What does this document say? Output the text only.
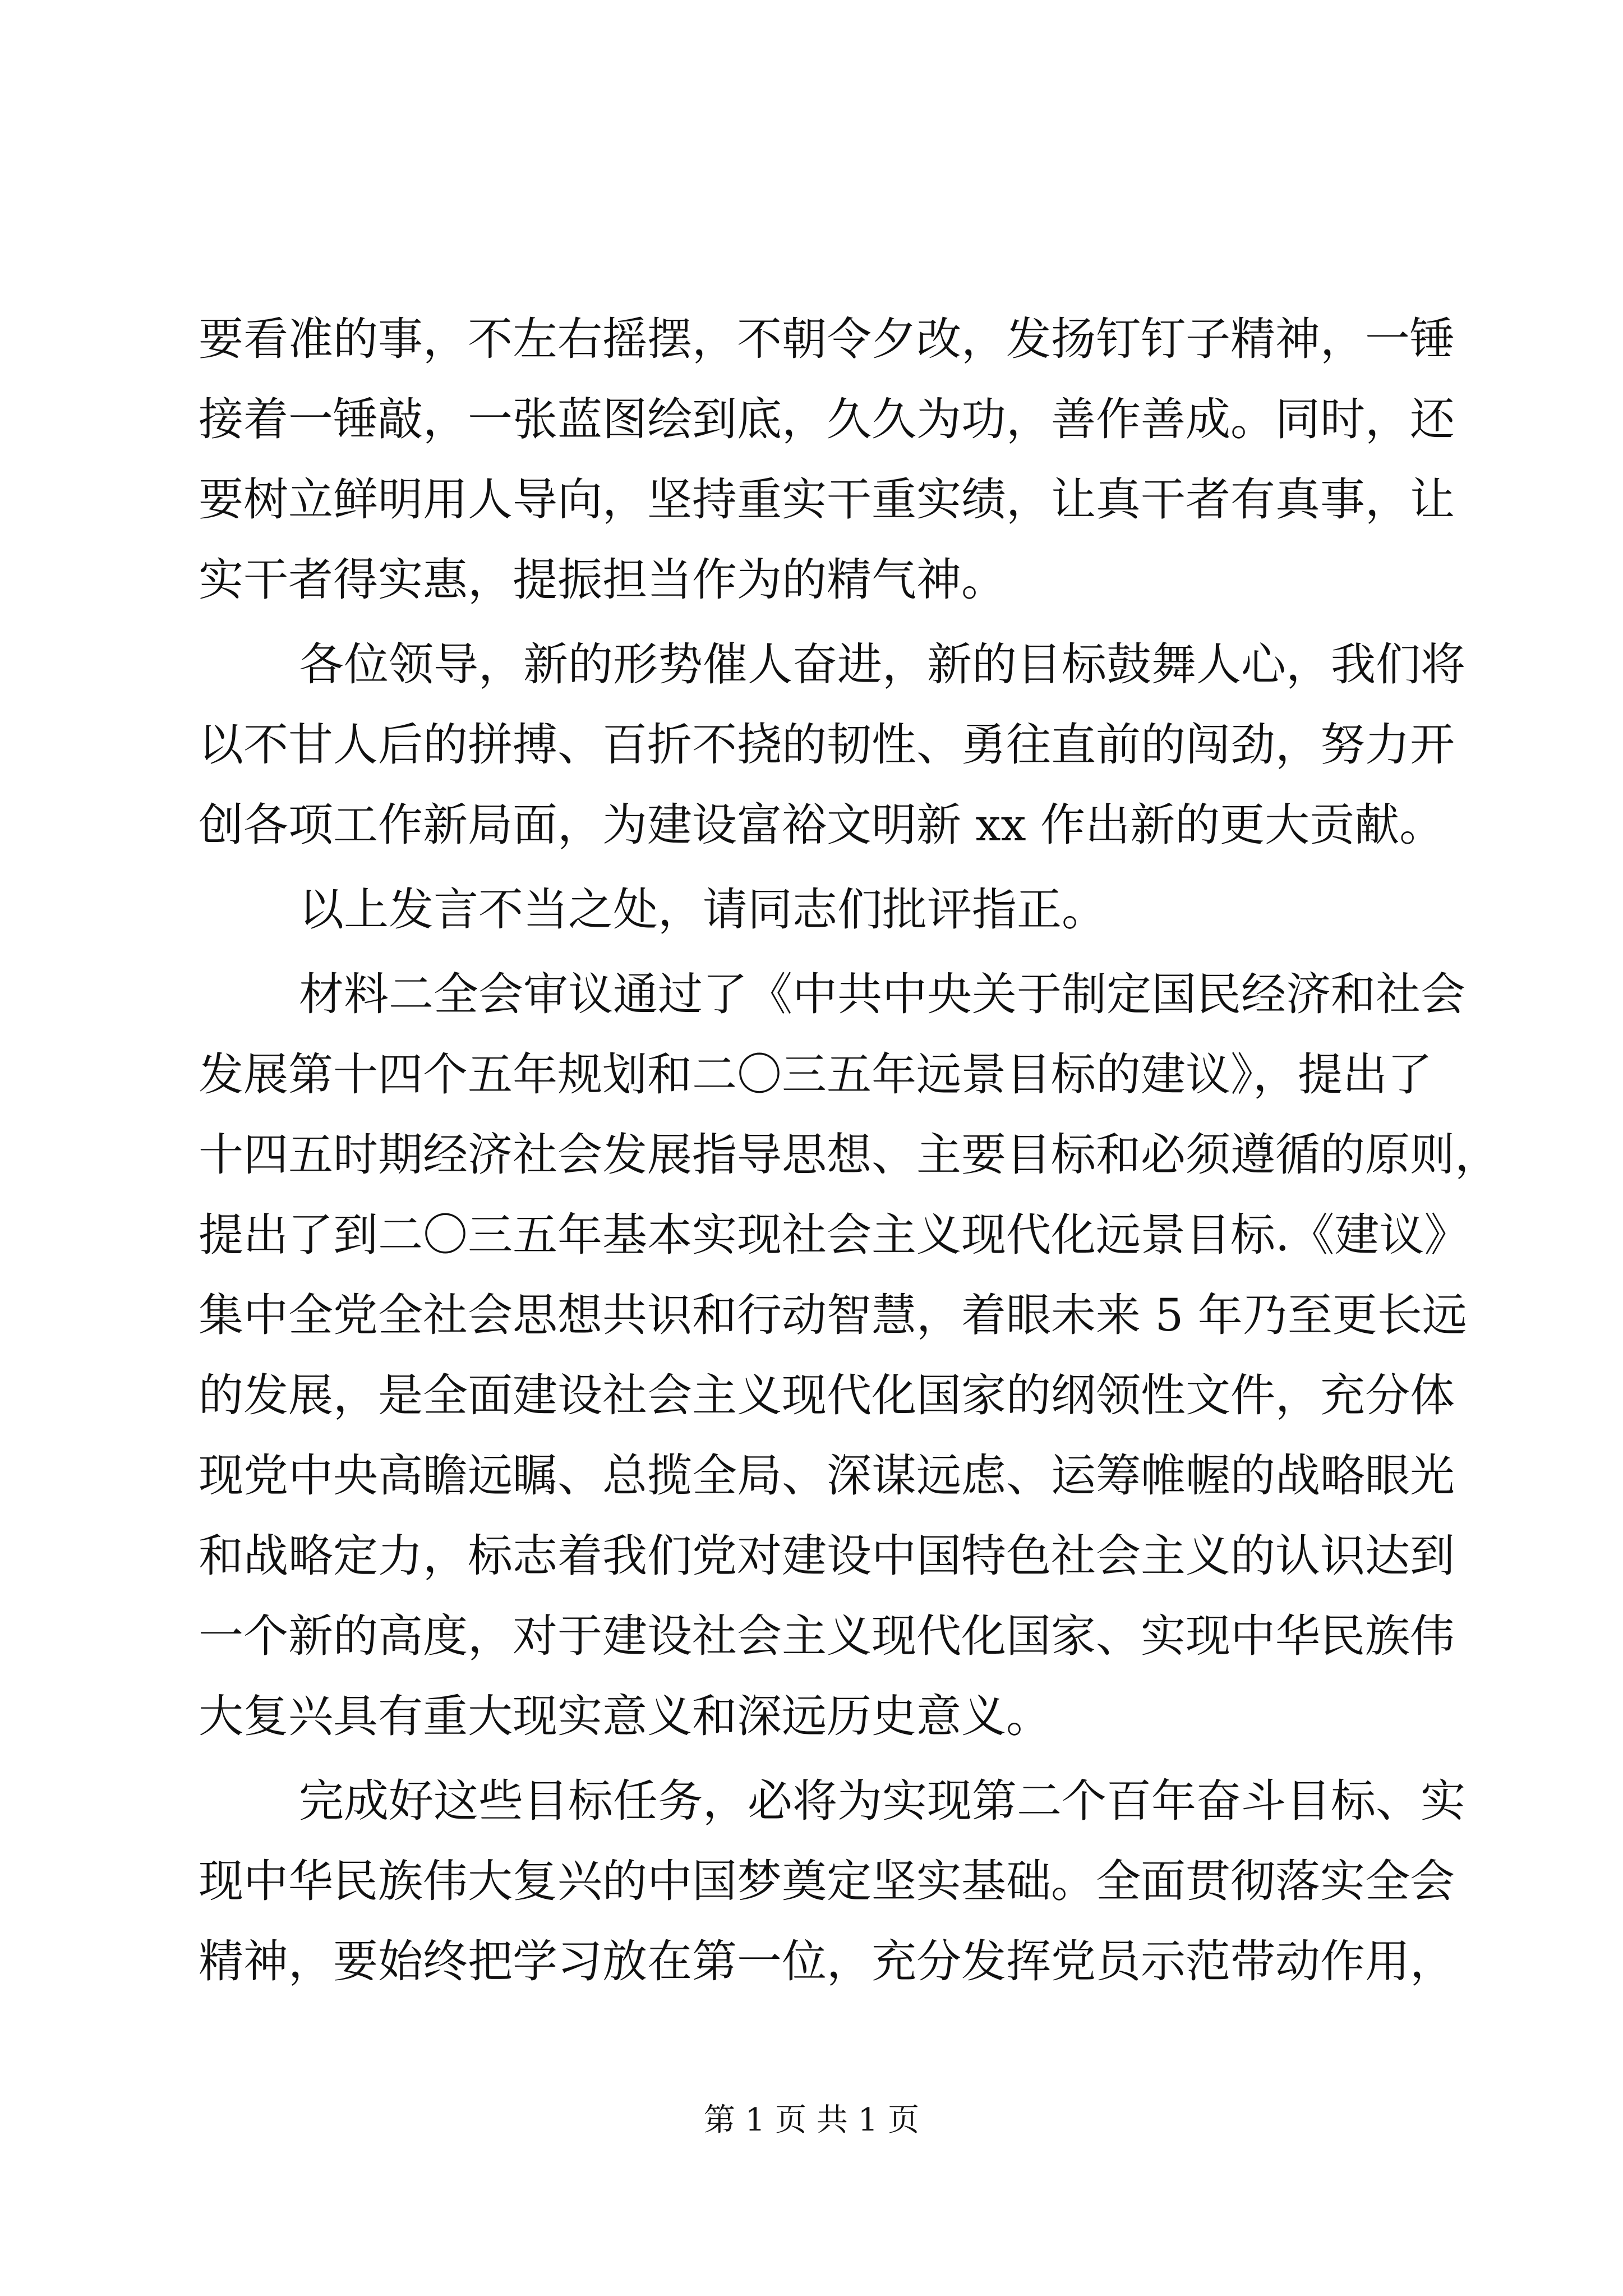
要看准的事，不左右摇摆，不朝令夕改，发扬钉钉子精神，一锤
接着一锤敲，一张蓝图绘到底，久久为功，善作善成。同时，还
要树立鲜明用人导向，坚持重实干重实绩，让真干者有真事，让
实干者得实惠，提振担当作为的精气神。
各位领导，新的形势催人奋进，新的目标鼓舞人心，我们将
以不甘人后的拼搏、百折不挠的韧性、勇往直前的闯劲，努力开
创各项工作新局面，为建设富裕文明新 xx 作出新的更大贡献。
以上发言不当之处，请同志们批评指正。
材料二全会审议通过了《中共中央关于制定国民经济和社会
发展第十四个五年规划和二〇三五年远景目标的建议》，提出了
十四五时期经济社会发展指导思想、主要目标和必须遵循的原则，
提出了到二〇三五年基本实现社会主义现代化远景目标.《建议》
集中全党全社会思想共识和行动智慧，着眼未来 5 年乃至更长远
的发展，是全面建设社会主义现代化国家的纲领性文件，充分体
现党中央高瞻远瞩、总揽全局、深谋远虑、运筹帷幄的战略眼光
和战略定力，标志着我们党对建设中国特色社会主义的认识达到
一个新的高度，对于建设社会主义现代化国家、实现中华民族伟
大复兴具有重大现实意义和深远历史意义。
完成好这些目标任务，必将为实现第二个百年奋斗目标、实
现中华民族伟大复兴的中国梦奠定坚实基础。全面贯彻落实全会
精神，要始终把学习放在第一位，充分发挥党员示范带动作用，
第 1 页 共 1 页
